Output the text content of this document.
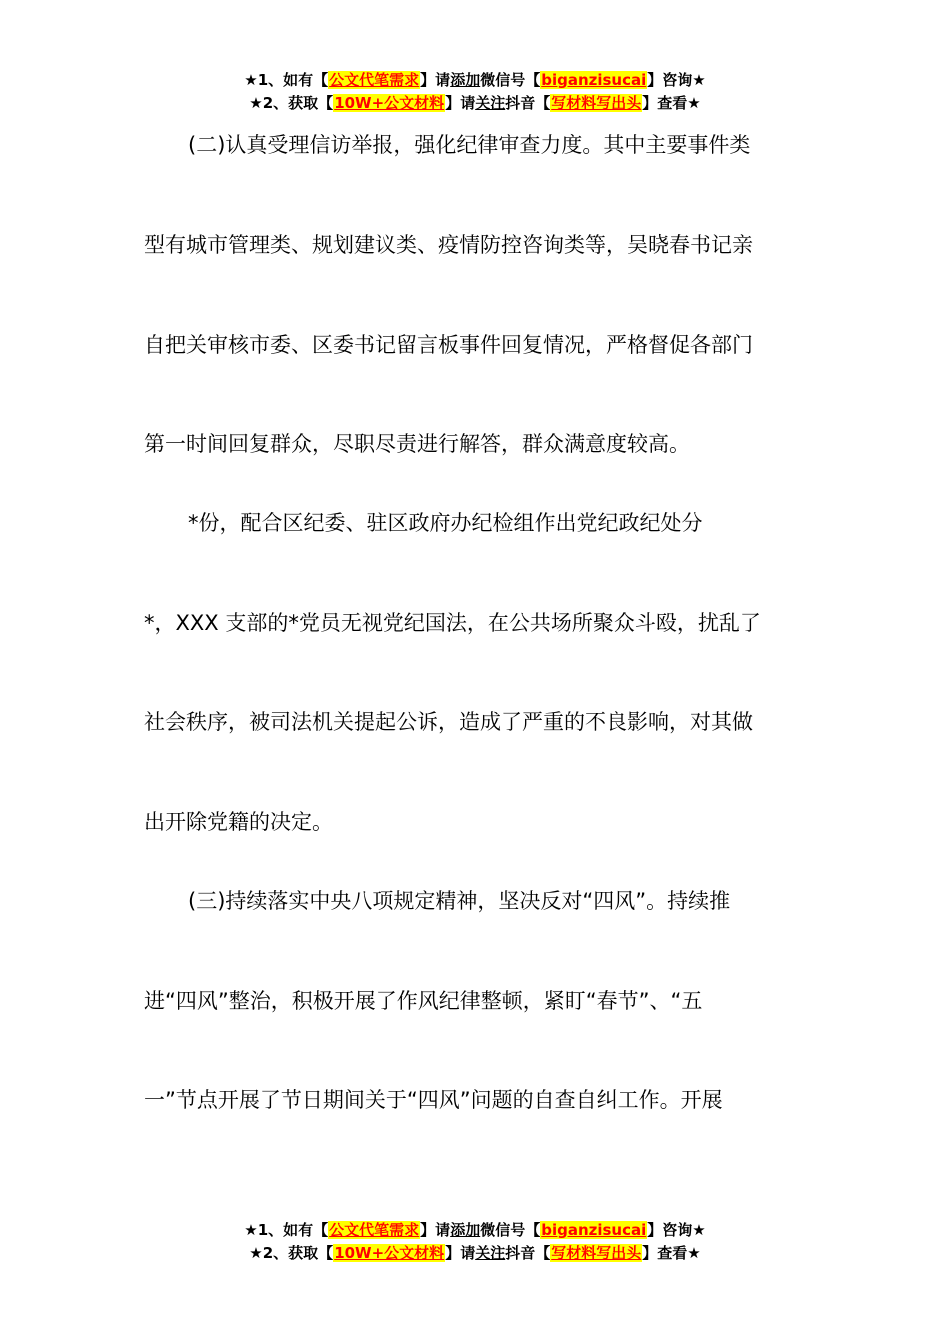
★1、如有【公文代笔需求】请添加微信号【biganzisucai】咨询★
★2、获取【10W+公文材料】请关注抖音【写材料写出头】查看★
(二)认真受理信访举报，强化纪律审查力度。其中主要事件类
型有城市管理类、规划建议类、疫情防控咨询类等，吴晓春书记亲
自把关审核市委、区委书记留言板事件回复情况，严格督促各部门
第一时间回复群众，尽职尽责进行解答，群众满意度较高。
*份，配合区纪委、驻区政府办纪检组作出党纪政纪处分
*，XXX 支部的*党员无视党纪国法，在公共场所聚众斗殴，扰乱了
社会秩序，被司法机关提起公诉，造成了严重的不良影响，对其做
出开除党籍的决定。
(三)持续落实中央八项规定精神，坚决反对“四风”。持续推
进“四风”整治，积极开展了作风纪律整顿，紧盯“春节”、“五
一”节点开展了节日期间关于“四风”问题的自查自纠工作。开展
★1、如有【公文代笔需求】请添加微信号【biganzisucai】咨询★
★2、获取【10W+公文材料】请关注抖音【写材料写出头】查看★
